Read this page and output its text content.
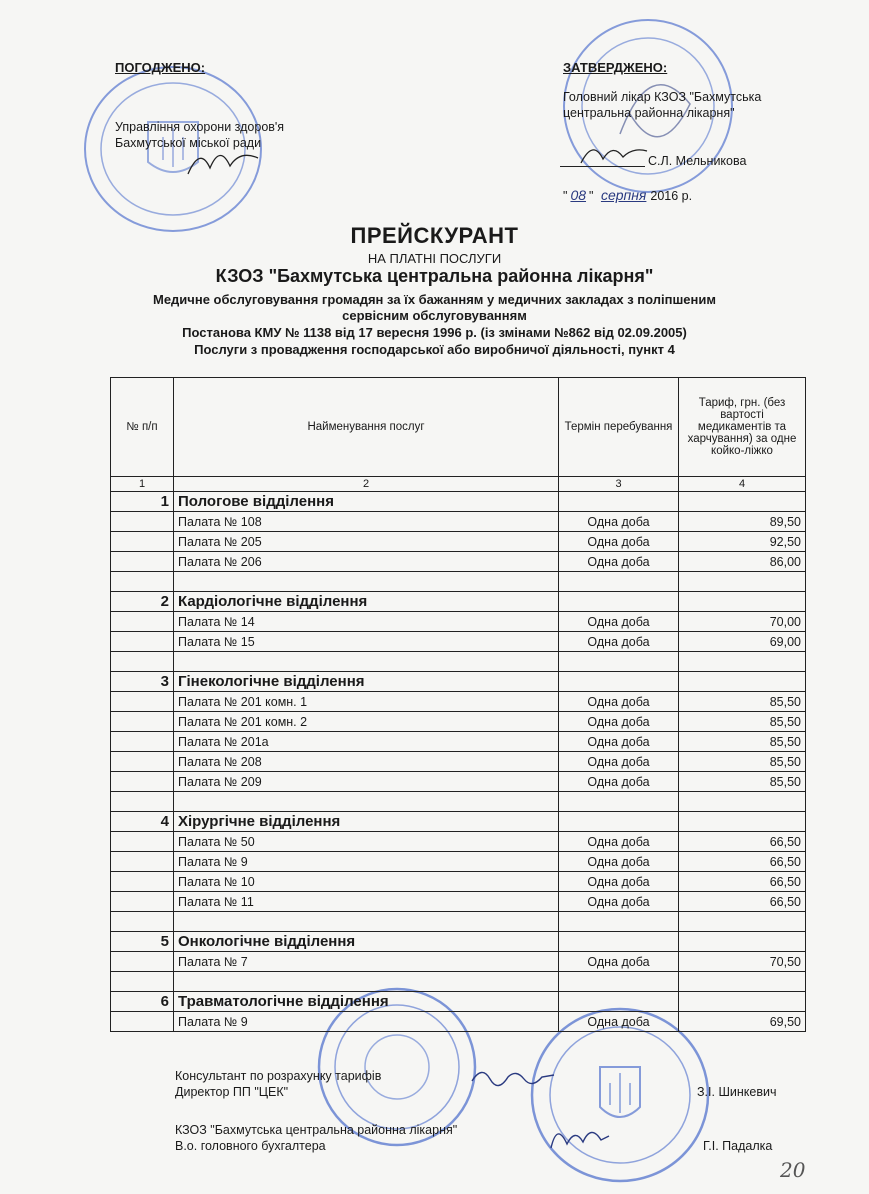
ПОГОДЖЕНО:
Управління охорони здоров'я
Бахмутської міської ради
ЗАТВЕРДЖЕНО:
Головний лікар КЗОЗ "Бахмутська
центральна районна лікарня"
С.Л. Мельникова
" 08 " серпня 2016 р.
ПРЕЙСКУРАНТ
НА ПЛАТНІ ПОСЛУГИ
КЗОЗ "Бахмутська центральна районна лікарня"
Медичне обслуговування громадян за їх бажанням у медичних закладах з поліпшеним
сервісним обслуговуванням
Постанова КМУ № 1138 від 17 вересня 1996 р. (із змінами №862 від 02.09.2005)
Послуги з провадження господарської або виробничої діяльності, пункт 4
№ п/п	Найменування послуг	Термін перебування	Тариф, грн. (без вартості медикаментів та харчування) за одне койко-ліжко
1	2	3	4
1	Пологове відділення		
	Палата № 108	Одна доба	89,50
	Палата № 205	Одна доба	92,50
	Палата № 206	Одна доба	86,00

2	Кардіологічне відділення		
	Палата № 14	Одна доба	70,00
	Палата № 15	Одна доба	69,00

3	Гінекологічне відділення		
	Палата № 201 комн. 1	Одна доба	85,50
	Палата № 201 комн. 2	Одна доба	85,50
	Палата № 201а	Одна доба	85,50
	Палата № 208	Одна доба	85,50
	Палата № 209	Одна доба	85,50

4	Хірургічне відділення		
	Палата № 50	Одна доба	66,50
	Палата № 9	Одна доба	66,50
	Палата № 10	Одна доба	66,50
	Палата № 11	Одна доба	66,50

5	Онкологічне відділення		
	Палата № 7	Одна доба	70,50

6	Травматологічне відділення		
	Палата № 9	Одна доба	69,50
Консультант по розрахунку тарифів
Директор ПП "ЦЕК"	З.І. Шинкевич
КЗОЗ "Бахмутська центральна районна лікарня"
В.о. головного бухгалтера	Г.І. Падалка
20
